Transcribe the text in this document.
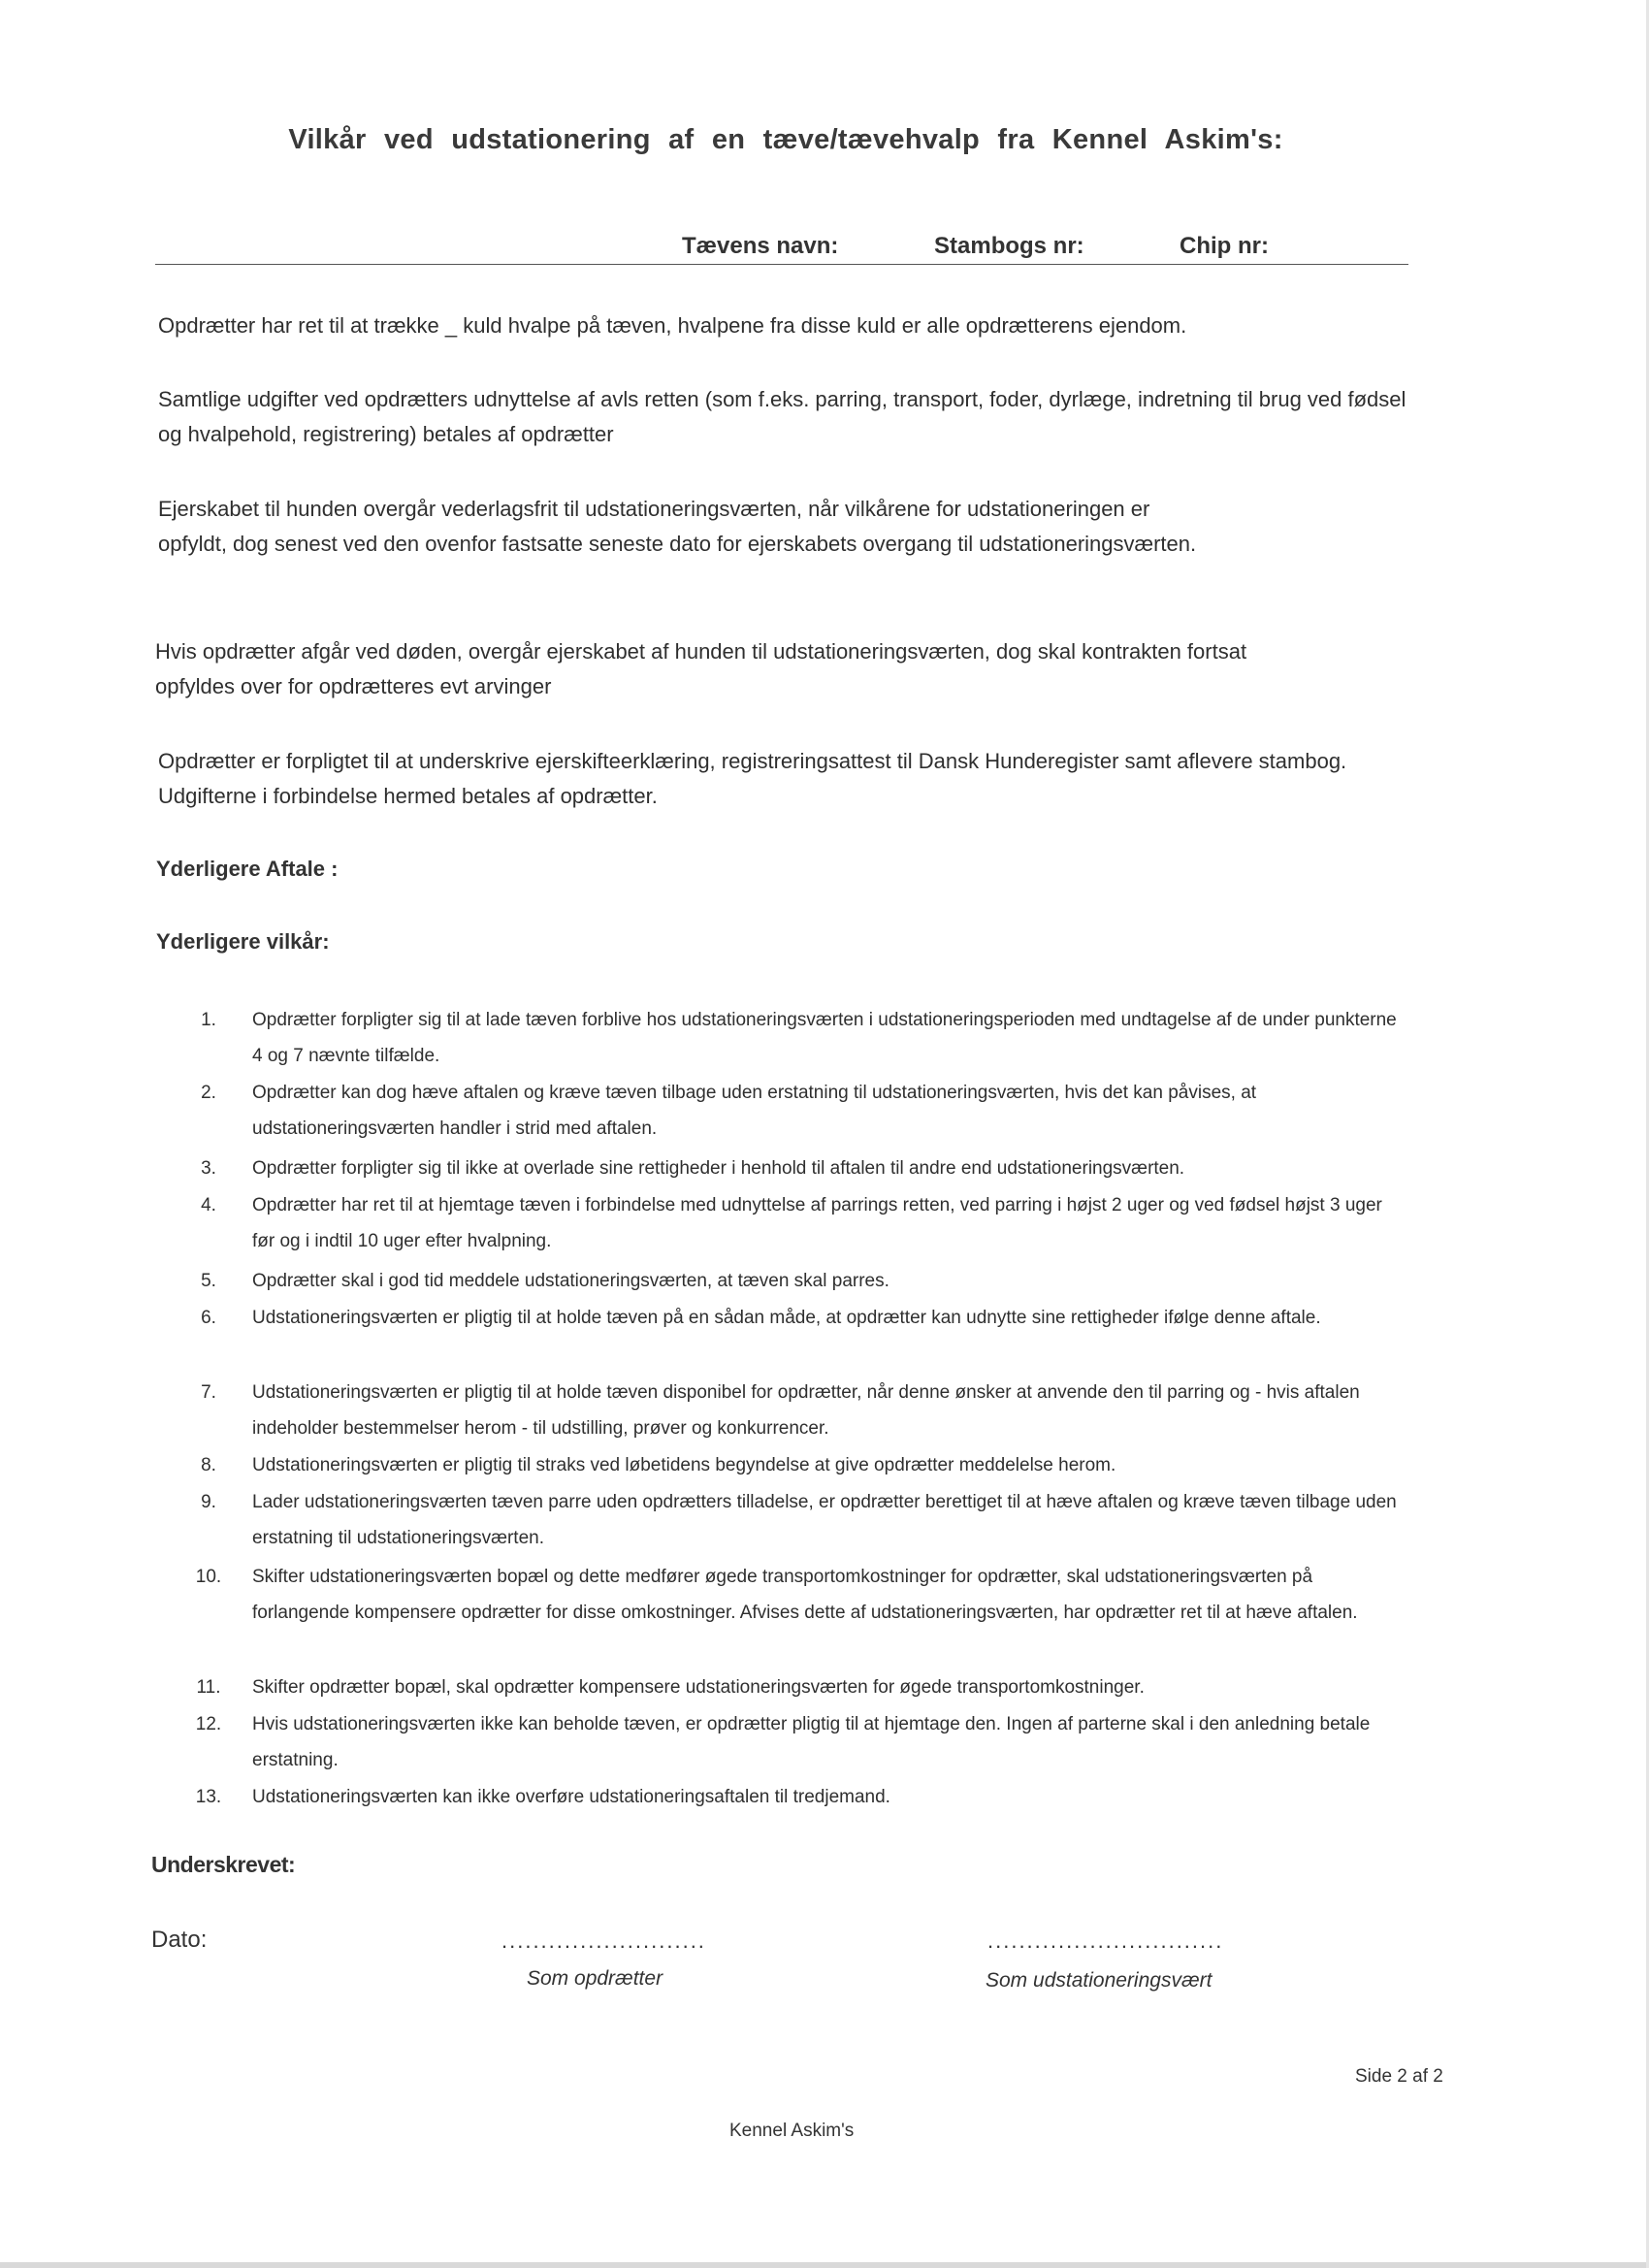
Vilkår ved udstationering af en tæve/tævehvalp fra Kennel Askim's:
Tævens navn:	Stambogs nr:	Chip nr:
Opdrætter har ret til at trække _ kuld hvalpe på tæven, hvalpene fra disse kuld er alle opdrætterens ejendom.
Samtlige udgifter ved opdrætters udnyttelse af avls retten (som f.eks. parring, transport, foder, dyrlæge, indretning til brug ved fødsel og hvalpehold, registrering) betales af opdrætter
Ejerskabet til hunden overgår vederlagsfrit til udstationeringsværten, når vilkårene for udstationeringen er opfyldt, dog senest ved den ovenfor fastsatte seneste dato for ejerskabets overgang til udstationeringsværten.
Hvis opdrætter afgår ved døden, overgår ejerskabet af hunden til udstationeringsværten, dog skal kontrakten fortsat opfyldes over for opdrætteres evt arvinger
Opdrætter er forpligtet til at underskrive ejerskifteerklæring, registreringsattest til Dansk Hunderegister samt aflevere stambog. Udgifterne i forbindelse hermed betales af opdrætter.
Yderligere Aftale :
Yderligere vilkår:
1.	Opdrætter forpligter sig til at lade tæven forblive hos udstationeringsværten i udstationeringsperioden med undtagelse af de under punkterne 4 og 7 nævnte tilfælde.
2.	Opdrætter kan dog hæve aftalen og kræve tæven tilbage uden erstatning til udstationeringsværten, hvis det kan påvises, at udstationeringsværten handler i strid med aftalen.
3.	Opdrætter forpligter sig til ikke at overlade sine rettigheder i henhold til aftalen til andre end udstationeringsværten.
4.	Opdrætter har ret til at hjemtage tæven i forbindelse med udnyttelse af parrings retten, ved parring i højst 2 uger og ved fødsel højst 3 uger før og i indtil 10 uger efter hvalpning.
5.	Opdrætter skal i god tid meddele udstationeringsværten, at tæven skal parres.
6.	Udstationeringsværten er pligtig til at holde tæven på en sådan måde, at opdrætter kan udnytte sine rettigheder ifølge denne aftale.
7.	Udstationeringsværten er pligtig til at holde tæven disponibel for opdrætter, når denne ønsker at anvende den til parring og - hvis aftalen indeholder bestemmelser herom - til udstilling, prøver og konkurrencer.
8.	Udstationeringsværten er pligtig til straks ved løbetidens begyndelse at give opdrætter meddelelse herom.
9.	Lader udstationeringsværten tæven parre uden opdrætters tilladelse, er opdrætter berettiget til at hæve aftalen og kræve tæven tilbage uden erstatning til udstationeringsværten.
10. Skifter udstationeringsværten bopæl og dette medfører øgede transportomkostninger for opdrætter, skal udstationeringsværten på forlangende kompensere opdrætter for disse omkostninger. Afvises dette af udstationeringsværten, har opdrætter ret til at hæve aftalen.
11. Skifter opdrætter bopæl, skal opdrætter kompensere udstationeringsværten for øgede transportomkostninger.
12. Hvis udstationeringsværten ikke kan beholde tæven, er opdrætter pligtig til at hjemtage den. Ingen af parterne skal i den anledning betale erstatning.
13. Udstationeringsværten kan ikke overføre udstationeringsaftalen til tredjemand.
Underskrevet:
Dato:	..........................	..............................
Som opdrætter	Som udstationeringsvært
Side 2 af 2
Kennel Askim's
